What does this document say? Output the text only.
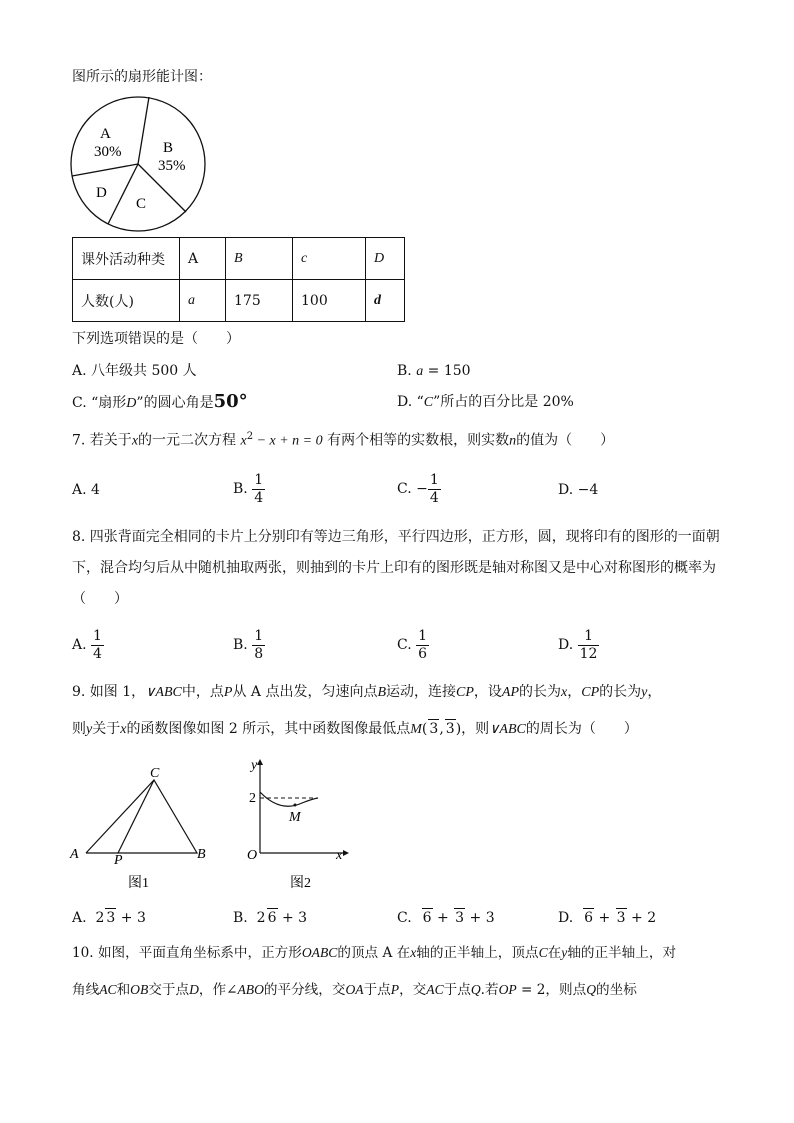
图所示的扇形能计图：
A
30%	B
35%
C
D
课外活动种类	A	B	c	D
人数(人)	a	175	100	d
下列选项错误的是（　　）
A. 八年级共 500 人	B. a = 150
C. “扇形D”的圆心角是50°	D. “C”所占的百分比是 20%
7. 若关于x的一元二次方程 $x^2 - x + n = 0$ 有两个相等的实数根，则实数n的值为（　　）
A. 4	B. $\frac{1}{4}$	C. − $\frac{1}{4}$	D. −4
8. 四张背面完全相同的卡片上分别印有等边三角形，平行四边形，正方形，圆，现将印有的图形的一面朝
下，混合均匀后从中随机抽取两张，则抽到的卡片上印有的图形既是轴对称图又是中心对称图形的概率为
（　　）
A. $\frac{1}{4}$	B. $\frac{1}{8}$	C. $\frac{1}{6}$	D. $\frac{1}{12}$
9. 如图 1，∨ABC中，点P从 A 点出发，匀速向点B运动，连接CP，设AP的长为x，CP的长为y，
则y关于x的函数图像如图 2 所示，其中函数图像最低点M( 3, 3)，则∨ABC的周长为（　　）
A	B
C
P
图1
y
x
O
2
M
图2
A. 2 3 + 3	B. 2 6 + 3	C. 6 + 3 + 3	D. 6 + 3 + 2
10. 如图，平面直角坐标系中，正方形OABC的顶点 A 在x轴的正半轴上，顶点C在y轴的正半轴上，对
角线AC和OB交于点D，作∠ABO的平分线，交OA于点P，交AC于点Q.若OP = 2，则点Q的坐标
